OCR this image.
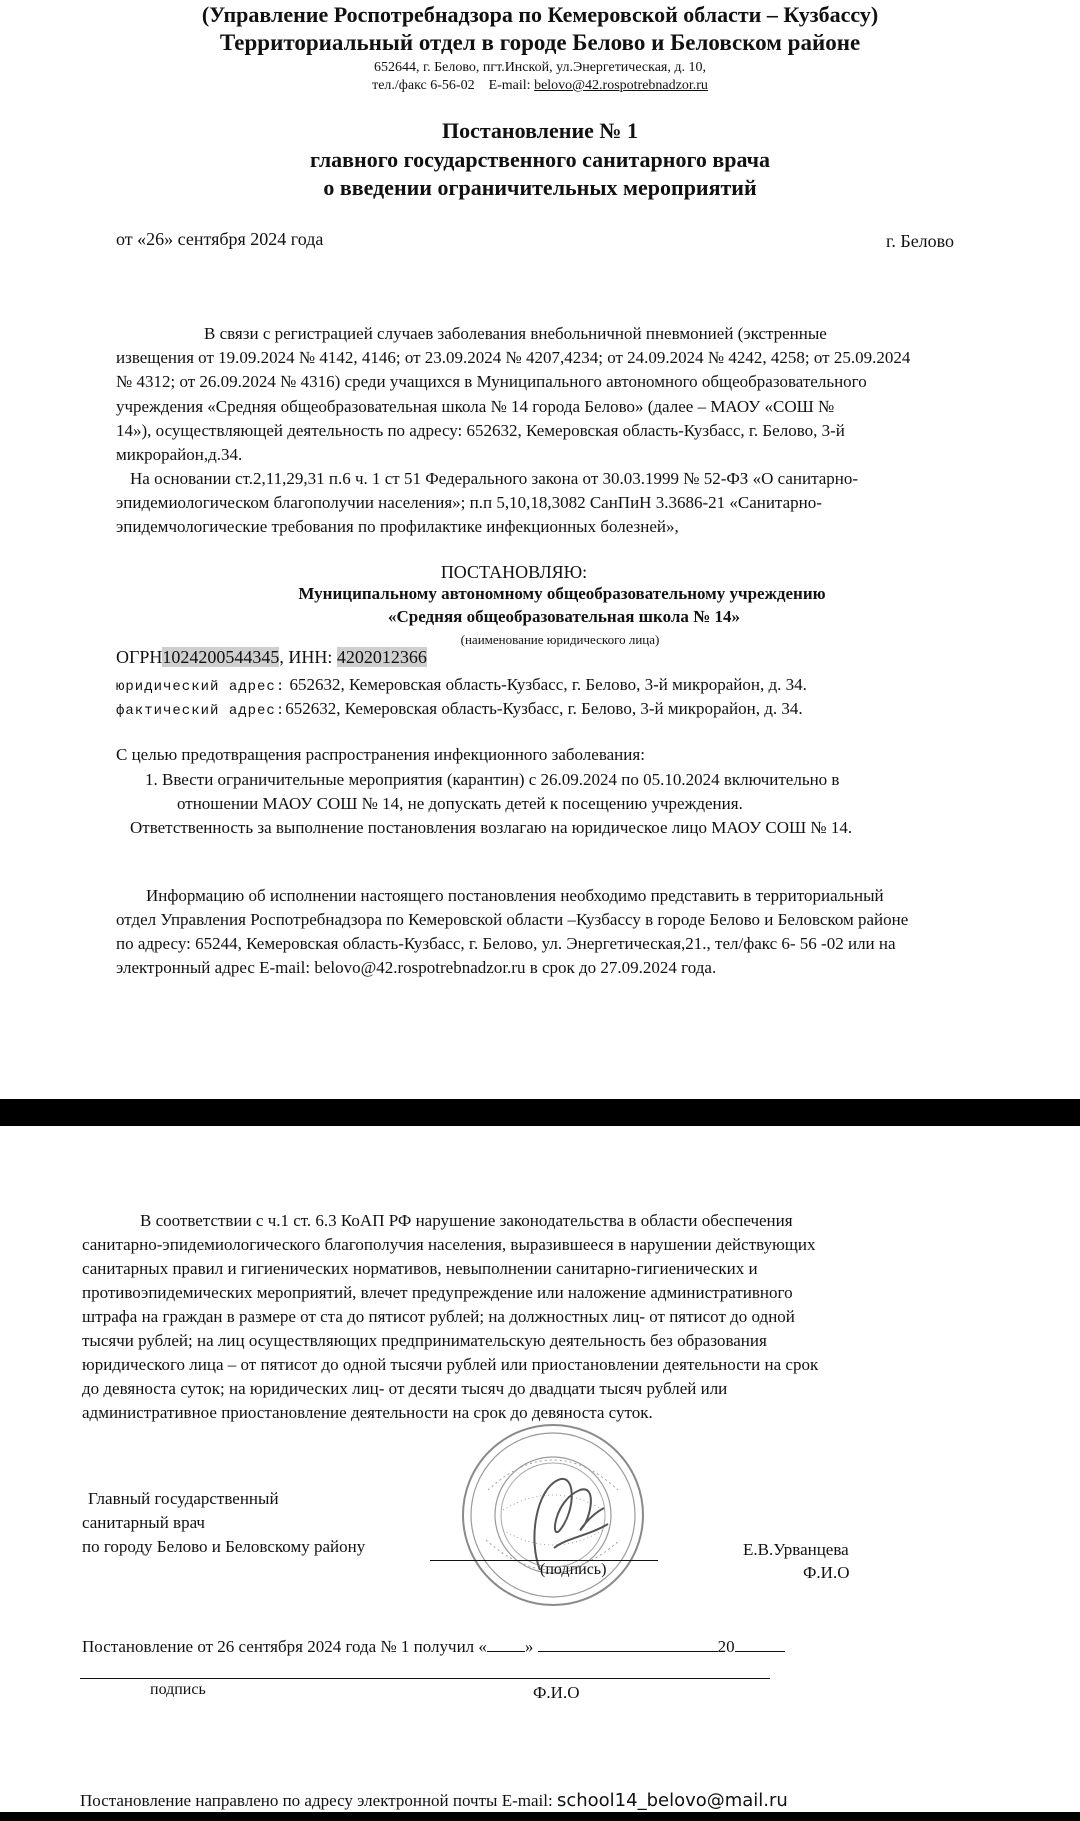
(Управление Роспотребнадзора по Кемеровской области – Кузбассу)
Территориальный отдел в городе Белово и Беловском районе
652644, г. Белово, пгт.Инской, ул.Энергетическая, д. 10,
тел./факс 6-56-02 E-mail: belovo@42.rospotrebnadzor.ru
Постановление № 1
главного государственного санитарного врача
о введении ограничительных мероприятий
от «26» сентября 2024 года	г. Белово
В связи с регистрацией случаев заболевания внебольничной пневмонией (экстренные
извещения от 19.09.2024 № 4142, 4146; от 23.09.2024 № 4207,4234; от 24.09.2024 № 4242, 4258; от 25.09.2024
№ 4312; от 26.09.2024 № 4316) среди учащихся в Муниципального автономного общеобразовательного
учреждения «Средняя общеобразовательная школа № 14 города Белово» (далее – МАОУ «СОШ №
14»), осуществляющей деятельность по адресу: 652632, Кемеровская область-Кузбасс, г. Белово, 3-й
микрорайон,д.34.
На основании ст.2,11,29,31 п.6 ч. 1 ст 51 Федерального закона от 30.03.1999 № 52-ФЗ «О санитарно-
эпидемиологическом благополучии населения»; п.п 5,10,18,3082 СанПиН 3.3686-21 «Санитарно-
эпидемчологические требования по профилактике инфекционных болезней»,
ПОСТАНОВЛЯЮ:
Муниципальному автономному общеобразовательному учреждению
«Средняя общеобразовательная школа № 14»
(наименование юридического лица)
ОГРН1024200544345, ИНН: 4202012366
юридический адрес: 652632, Кемеровская область-Кузбасс, г. Белово, 3-й микрорайон, д. 34.
фактический адрес:652632, Кемеровская область-Кузбасс, г. Белово, 3-й микрорайон, д. 34.
С целью предотвращения распространения инфекционного заболевания:
1. Ввести ограничительные мероприятия (карантин) с 26.09.2024 по 05.10.2024 включительно в
отношении МАОУ СОШ № 14, не допускать детей к посещению учреждения.
Ответственность за выполнение постановления возлагаю на юридическое лицо МАОУ СОШ № 14.
Информацию об исполнении настоящего постановления необходимо представить в территориальный
отдел Управления Роспотребнадзора по Кемеровской области –Кузбассу в городе Белово и Беловском районе
по адресу: 65244, Кемеровская область-Кузбасс, г. Белово, ул. Энергетическая,21., тел/факс 6- 56 -02 или на
электронный адрес E-mail: belovo@42.rospotrebnadzor.ru в срок до 27.09.2024 года.
В соответствии с ч.1 ст. 6.3 КоАП РФ нарушение законодательства в области обеспечения
санитарно-эпидемиологического благополучия населения, выразившееся в нарушении действующих
санитарных правил и гигиенических нормативов, невыполнении санитарно-гигиенических и
противоэпидемических мероприятий, влечет предупреждение или наложение административного
штрафа на граждан в размере от ста до пятисот рублей; на должностных лиц- от пятисот до одной
тысячи рублей; на лиц осуществляющих предпринимательскую деятельность без образования
юридического лица – от пятисот до одной тысячи рублей или приостановлении деятельности на срок
до девяноста суток; на юридических лиц- от десяти тысяч до двадцати тысяч рублей или
административное приостановление деятельности на срок до девяноста суток.
Главный государственный
санитарный врач
по городу Белово и Беловскому району
(подпись)
Е.В.Урванцева
Ф.И.О
Постановление от 26 сентября 2024 года № 1 получил « »	20
подпись	Ф.И.О
Постановление направлено по адресу электронной почты E-mail: school14_belovo@mail.ru
